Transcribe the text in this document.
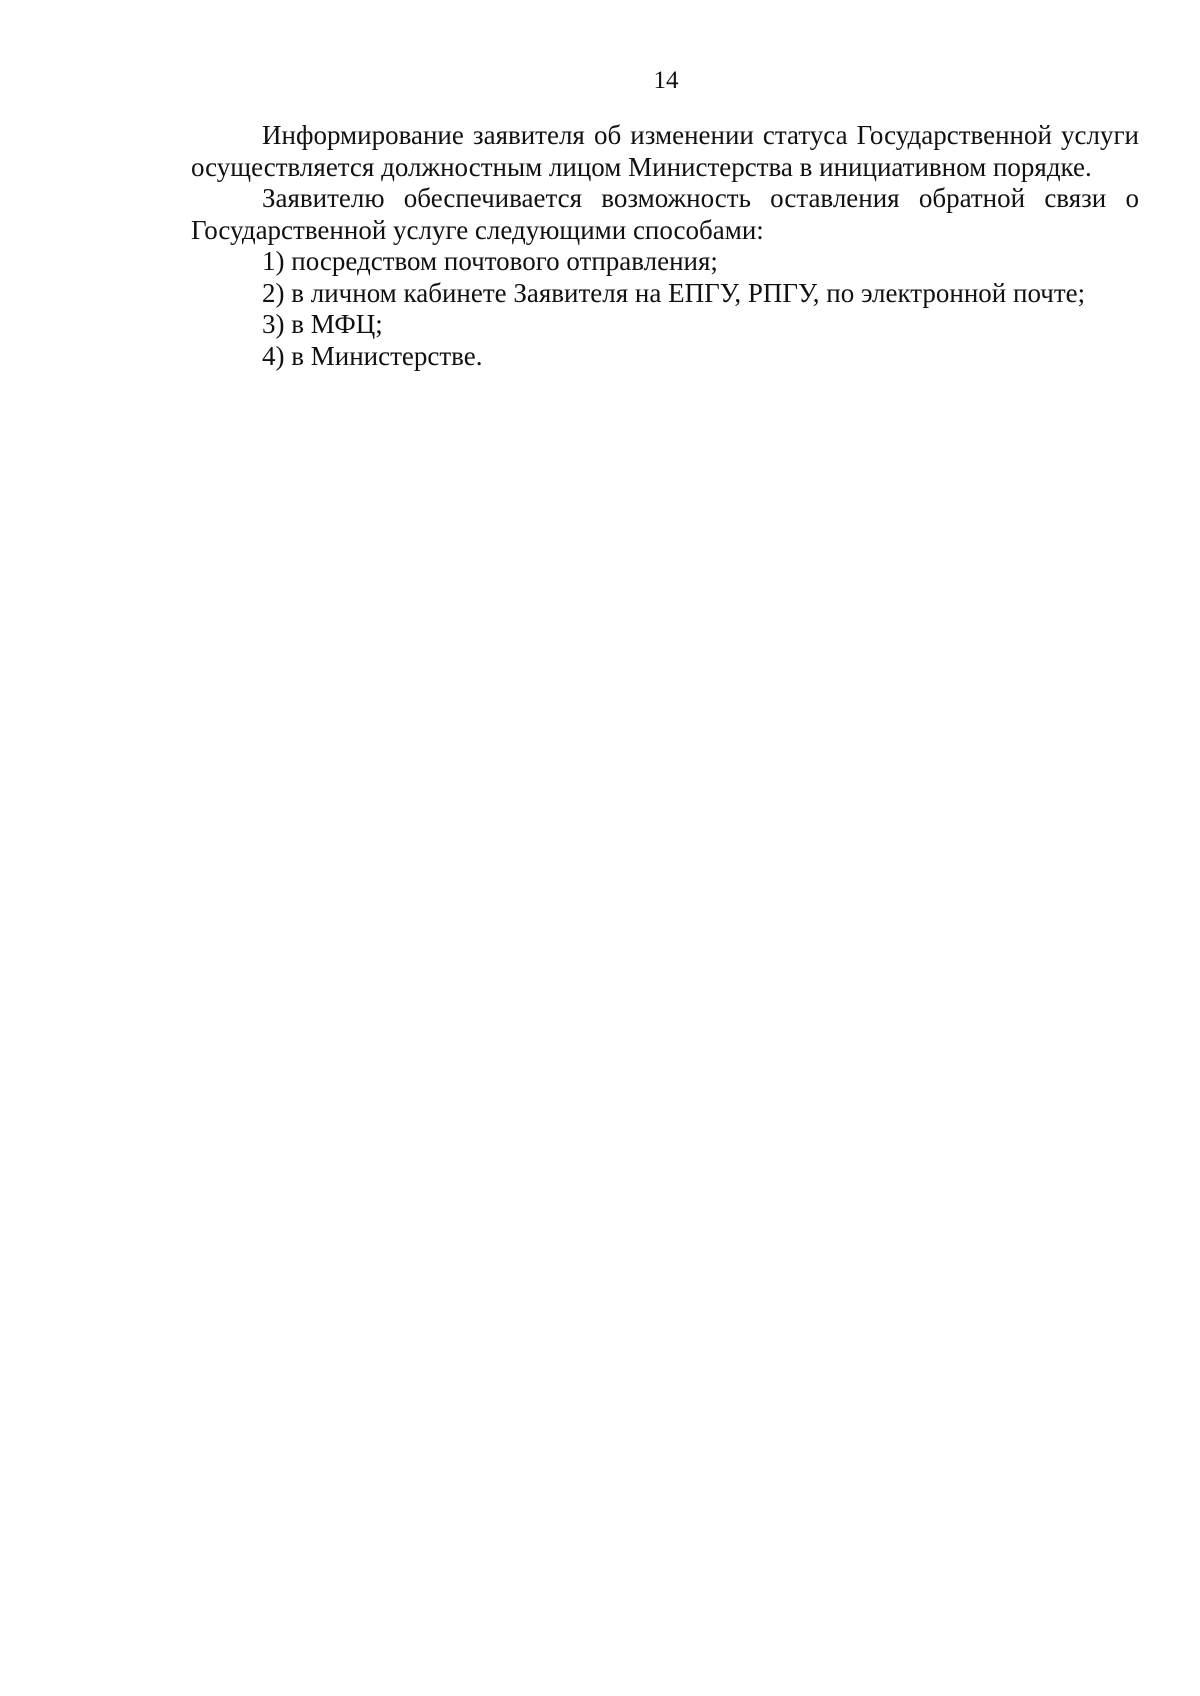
14

Информирование заявителя об изменении статуса Государственной услуги осуществляется должностным лицом Министерства в инициативном порядке.

Заявителю обеспечивается возможность оставления обратной связи о Государственной услуге следующими способами:

1) посредством почтового отправления;

2) в личном кабинете Заявителя на ЕПГУ, РПГУ, по электронной почте;

3) в МФЦ;

4) в Министерстве.
